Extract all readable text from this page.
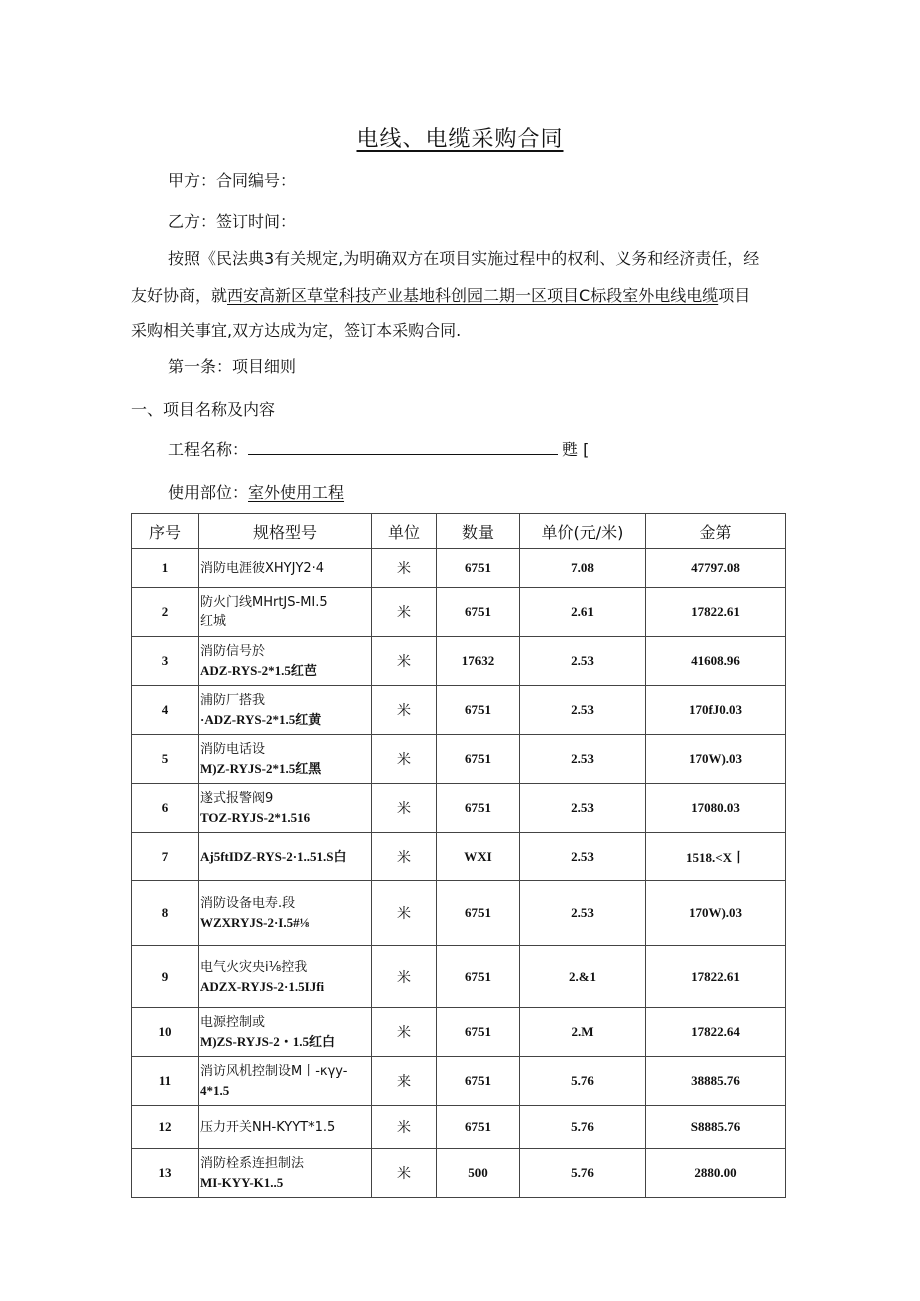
电线、电缆采购合同
甲方：合同编号：
乙方：签订时间：
按照《民法典3有关规定,为明确双方在项目实施过程中的权利、义务和经济责任，经
友好协商，就西安高新区草堂科技产业基地科创园二期一区项目C标段室外电线电缆项目
采购相关事宜,双方达成为定，签订本采购合同.
第一条：项目细则
一、项目名称及内容
工程名称：	甦 [
使用部位：室外使用工程
序号	规格型号	单位	数量	单价(元/米)	金第
1	消防电涯彼XHYJY2·4	米	6751	7.08	47797.08
2	防火门线MHrtJS-MI.5
红城	米	6751	2.61	17822.61
3	消防信号於
ADZ-RYS-2*1.5红芭	米	17632	2.53	41608.96
4	浦防厂搭我
·ADZ-RYS-2*1.5红黄	米	6751	2.53	170fJ0.03
5	消防电话设
M)Z-RYJS-2*1.5红黑	米	6751	2.53	170W).03
6	遂式报警阀9
TOZ-RYJS-2*1.516	米	6751	2.53	17080.03
7	Aj5ftIDZ-RYS-2·1..51.S白	米	WXI	2.53	1518.<X丨
8	消防设备电寿.段
WZXRYJS-2·I.5#⅛	米	6751	2.53	170W).03
9	电气火灾央i⅛控我
ADZX-RYJS-2·1.5IJfi	米	6751	2.&1	17822.61
10	电源控制或
M)ZS-RYJS-2・1.5红白	米	6751	2.M	17822.64
11	消访风机控制设M丨-κγy-
4*1.5	来	6751	5.76	38885.76
12	压力开关NH-KYYT*1.5	米	6751	5.76	S8885.76
13	消防栓系连担制法
MI-KYY-K1..5	米	500	5.76	2880.00
